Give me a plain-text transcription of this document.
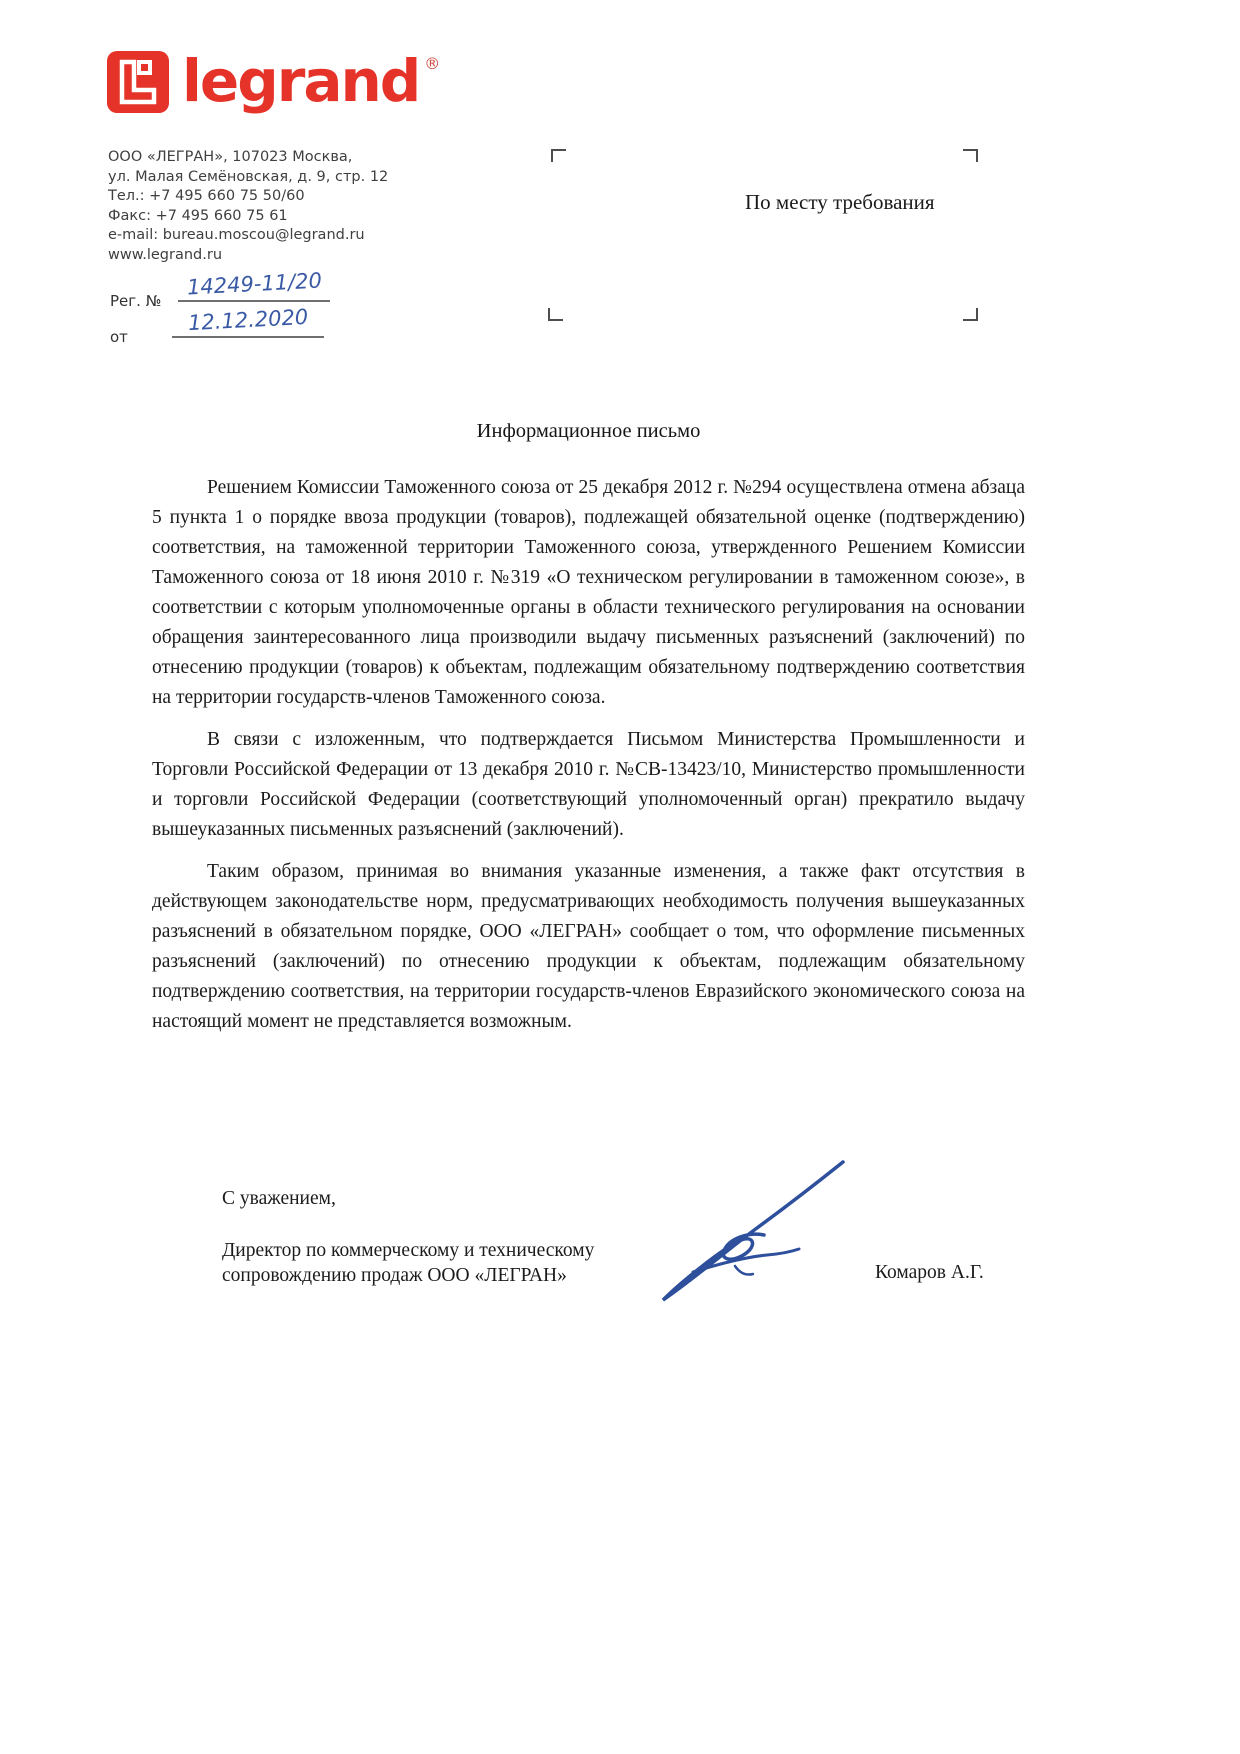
legrand ®
ООО «ЛЕГРАН», 107023 Москва,
ул. Малая Семёновская, д. 9, стр. 12
Тел.: +7 495 660 75 50/60
Факс: +7 495 660 75 61
e-mail: bureau.moscou@legrand.ru
www.legrand.ru
По месту требования
Рег. №
14249-11/20
от
12.12.2020
Информационное письмо

Решением Комиссии Таможенного союза от 25 декабря 2012 г. №294 осуществлена отмена абзаца 5 пункта 1 о порядке ввоза продукции (товаров), подлежащей обязательной оценке (подтверждению) соответствия, на таможенной территории Таможенного союза, утвержденного Решением Комиссии Таможенного союза от 18 июня 2010 г. №319 «О техническом регулировании в таможенном союзе», в соответствии с которым уполномоченные органы в области технического регулирования на основании обращения заинтересованного лица производили выдачу письменных разъяснений (заключений) по отнесению продукции (товаров) к объектам, подлежащим обязательному подтверждению соответствия на территории государств-членов Таможенного союза.

В связи с изложенным, что подтверждается Письмом Министерства Промышленности и Торговли Российской Федерации от 13 декабря 2010 г. №СВ-13423/10, Министерство промышленности и торговли Российской Федерации (соответствующий уполномоченный орган) прекратило выдачу вышеуказанных письменных разъяснений (заключений).

Таким образом, принимая во внимания указанные изменения, а также факт отсутствия в действующем законодательстве норм, предусматривающих необходимость получения вышеуказанных разъяснений в обязательном порядке, ООО «ЛЕГРАН» сообщает о том, что оформление письменных разъяснений (заключений) по отнесению продукции к объектам, подлежащим обязательному подтверждению соответствия, на территории государств-членов Евразийского экономического союза на настоящий момент не представляется возможным.

С уважением,
Директор по коммерческому и техническому
сопровождению продаж ООО «ЛЕГРАН»	Комаров А.Г.
